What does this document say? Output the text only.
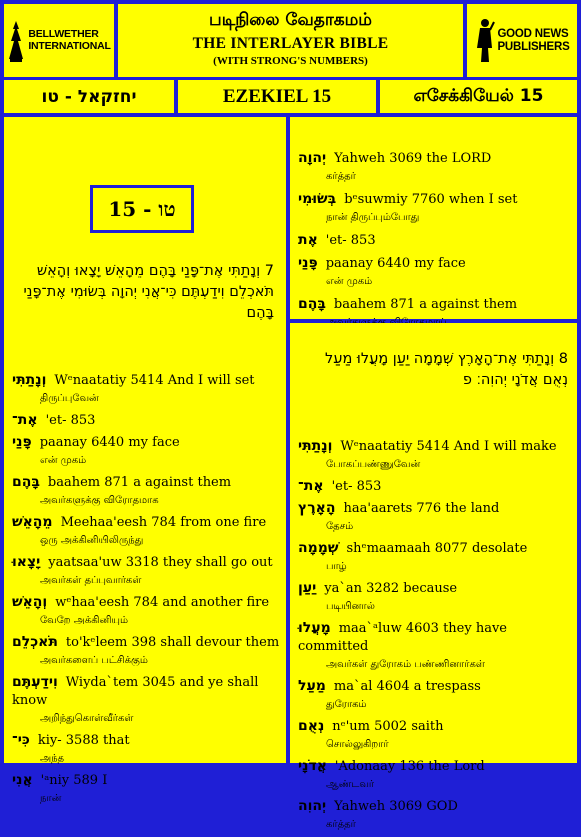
BELLWETHER
INTERNATIONAL
படிநிலை வேதாகமம்
THE INTERLAYER BIBLE
(WITH STRONG'S NUMBERS)
GOOD NEWS
PUBLISHERS
יחזקאל - טו	EZEKIEL 15	எசேக்கியேல் 15
טו - 15
7 וְנָתַתִּי אֶת־פָּנַי בָּהֶם מֵהָאֵשׁ יָצָאוּ וְהָאֵשׁ תֹּאכְלֵם וִידַעְתֶּם כִּי־אֲנִי יְהוָה בְּשׂוּמִי אֶת־פָּנַי בָּהֶם
וְנָתַתִּי Wᵉnaatatiy 5414 And I will set
திருப்புவேன்
אֶת־ 'et- 853
פָּנַי paanay 6440 my face
என் முகம்
בָּהֶם baahem 871 a against them
அவர்களுக்கு விரோதமாக
מֵהָאֵשׁ Meehaa'eesh 784 from one fire
ஒரு அக்கினியிலிருந்து
יָצָאוּ yaatsaa'uw 3318 they shall go out
அவர்கள் தப்புவார்கள்
וְהָאֵשׁ wᵉhaa'eesh 784 and another fire
வேறே அக்கினியும்
תֹּאכְלֵם to'kᵉleem 398 shall devour them
அவர்களைப் பட்சிக்கும்
וִידַעְתֶּם Wiyda`tem 3045 and ye shall know
அறிந்துகொள்வீர்கள்
כִּי־ kiy- 3588 that
அந்த
אֲנִי 'ᵃniy 589 I
நான்
יְהוָה Yahweh 3069 the LORD
கர்த்தர்
בְּשׂוּמִי bᵉsuwmiy 7760 when I set
நான் திருப்பும்போது
אֶת 'et- 853
פָּנַי paanay 6440 my face
என் முகம்
בָּהֶם baahem 871 a against them
8 וְנָתַתִּי אֶת־הָאָרֶץ שְׁמָמָה יַעַן מָעֲלוּ מַעַל נְאֻם אֲדֹנָי יְהוִה׃ פ
וְנָתַתִּי Wᵉnaatatiy 5414 And I will make
போகப்பண்ணுவேன்
אֶת־ 'et- 853
הָאָרֶץ haa'aarets 776 the land
தேசம்
שְׁמָמָה shᵉmaamaah 8077 desolate
பாழ்
יַעַן ya`an 3282 because
படியினால்
מָעֲלוּ maa`ᵃluw 4603 they have committed
அவர்கள் துரோகம் பண்ணினார்கள்
מַעַל ma`al 4604 a trespass
துரோகம்
נְאֻם nᵉ'um 5002 saith
சொல்லுகிறார்
אֲדֹנָי 'Adonaay 136 the Lord
ஆண்டவர்
יְהוִה Yahweh 3069 GOD
கர்த்தர்
